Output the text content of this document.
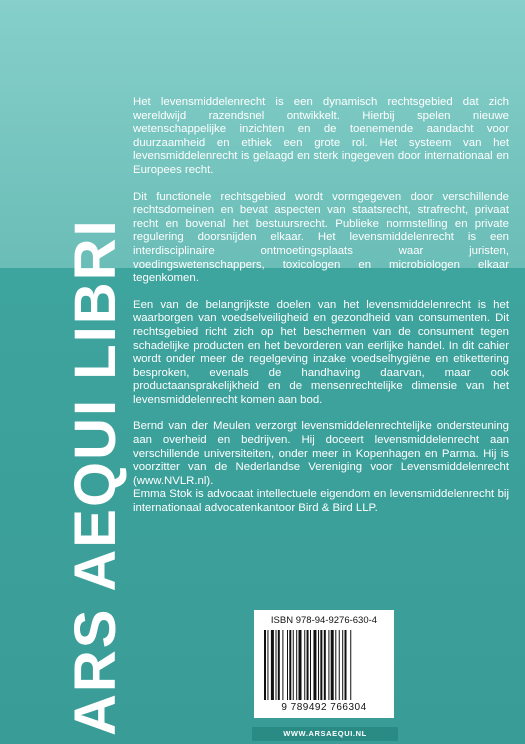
ARS AEQUI LIBRI

Het levensmiddelenrecht is een dynamisch rechtsgebied dat zich wereldwijd razendsnel ontwikkelt. Hierbij spelen nieuwe wetenschappelijke inzichten en de toenemende aandacht voor duurzaamheid en ethiek een grote rol. Het systeem van het levensmiddelenrecht is gelaagd en sterk ingegeven door internationaal en Europees recht.

Dit functionele rechtsgebied wordt vormgegeven door verschillende rechtsdomeinen en bevat aspecten van staatsrecht, strafrecht, privaat recht en bovenal het bestuursrecht. Publieke normstelling en private regulering doorsnijden elkaar. Het levensmiddelenrecht is een interdisciplinaire ontmoetingsplaats waar juristen, voedingswetenschappers, toxicologen en microbiologen elkaar tegenkomen.

Een van de belangrijkste doelen van het levensmiddelenrecht is het waarborgen van voedselveiligheid en gezondheid van consumenten. Dit rechtsgebied richt zich op het beschermen van de consument tegen schadelijke producten en het bevorderen van eerlijke handel. In dit cahier wordt onder meer de regelgeving inzake voedselhygiëne en etikettering besproken, evenals de handhaving daarvan, maar ook productaansprakelijkheid en de mensenrechtelijke dimensie van het levensmiddelenrecht komen aan bod.

Bernd van der Meulen verzorgt levensmiddelenrechtelijke ondersteuning aan overheid en bedrijven. Hij doceert levensmiddelenrecht aan verschillende universiteiten, onder meer in Kopenhagen en Parma. Hij is voorzitter van de Nederlandse Vereniging voor Levensmiddelenrecht (www.NVLR.nl).
Emma Stok is advocaat intellectuele eigendom en levensmiddelenrecht bij internationaal advocatenkantoor Bird & Bird LLP.

ISBN 978-94-9276-630-4
9 789492 766304
WWW.ARSAEQUI.NL
